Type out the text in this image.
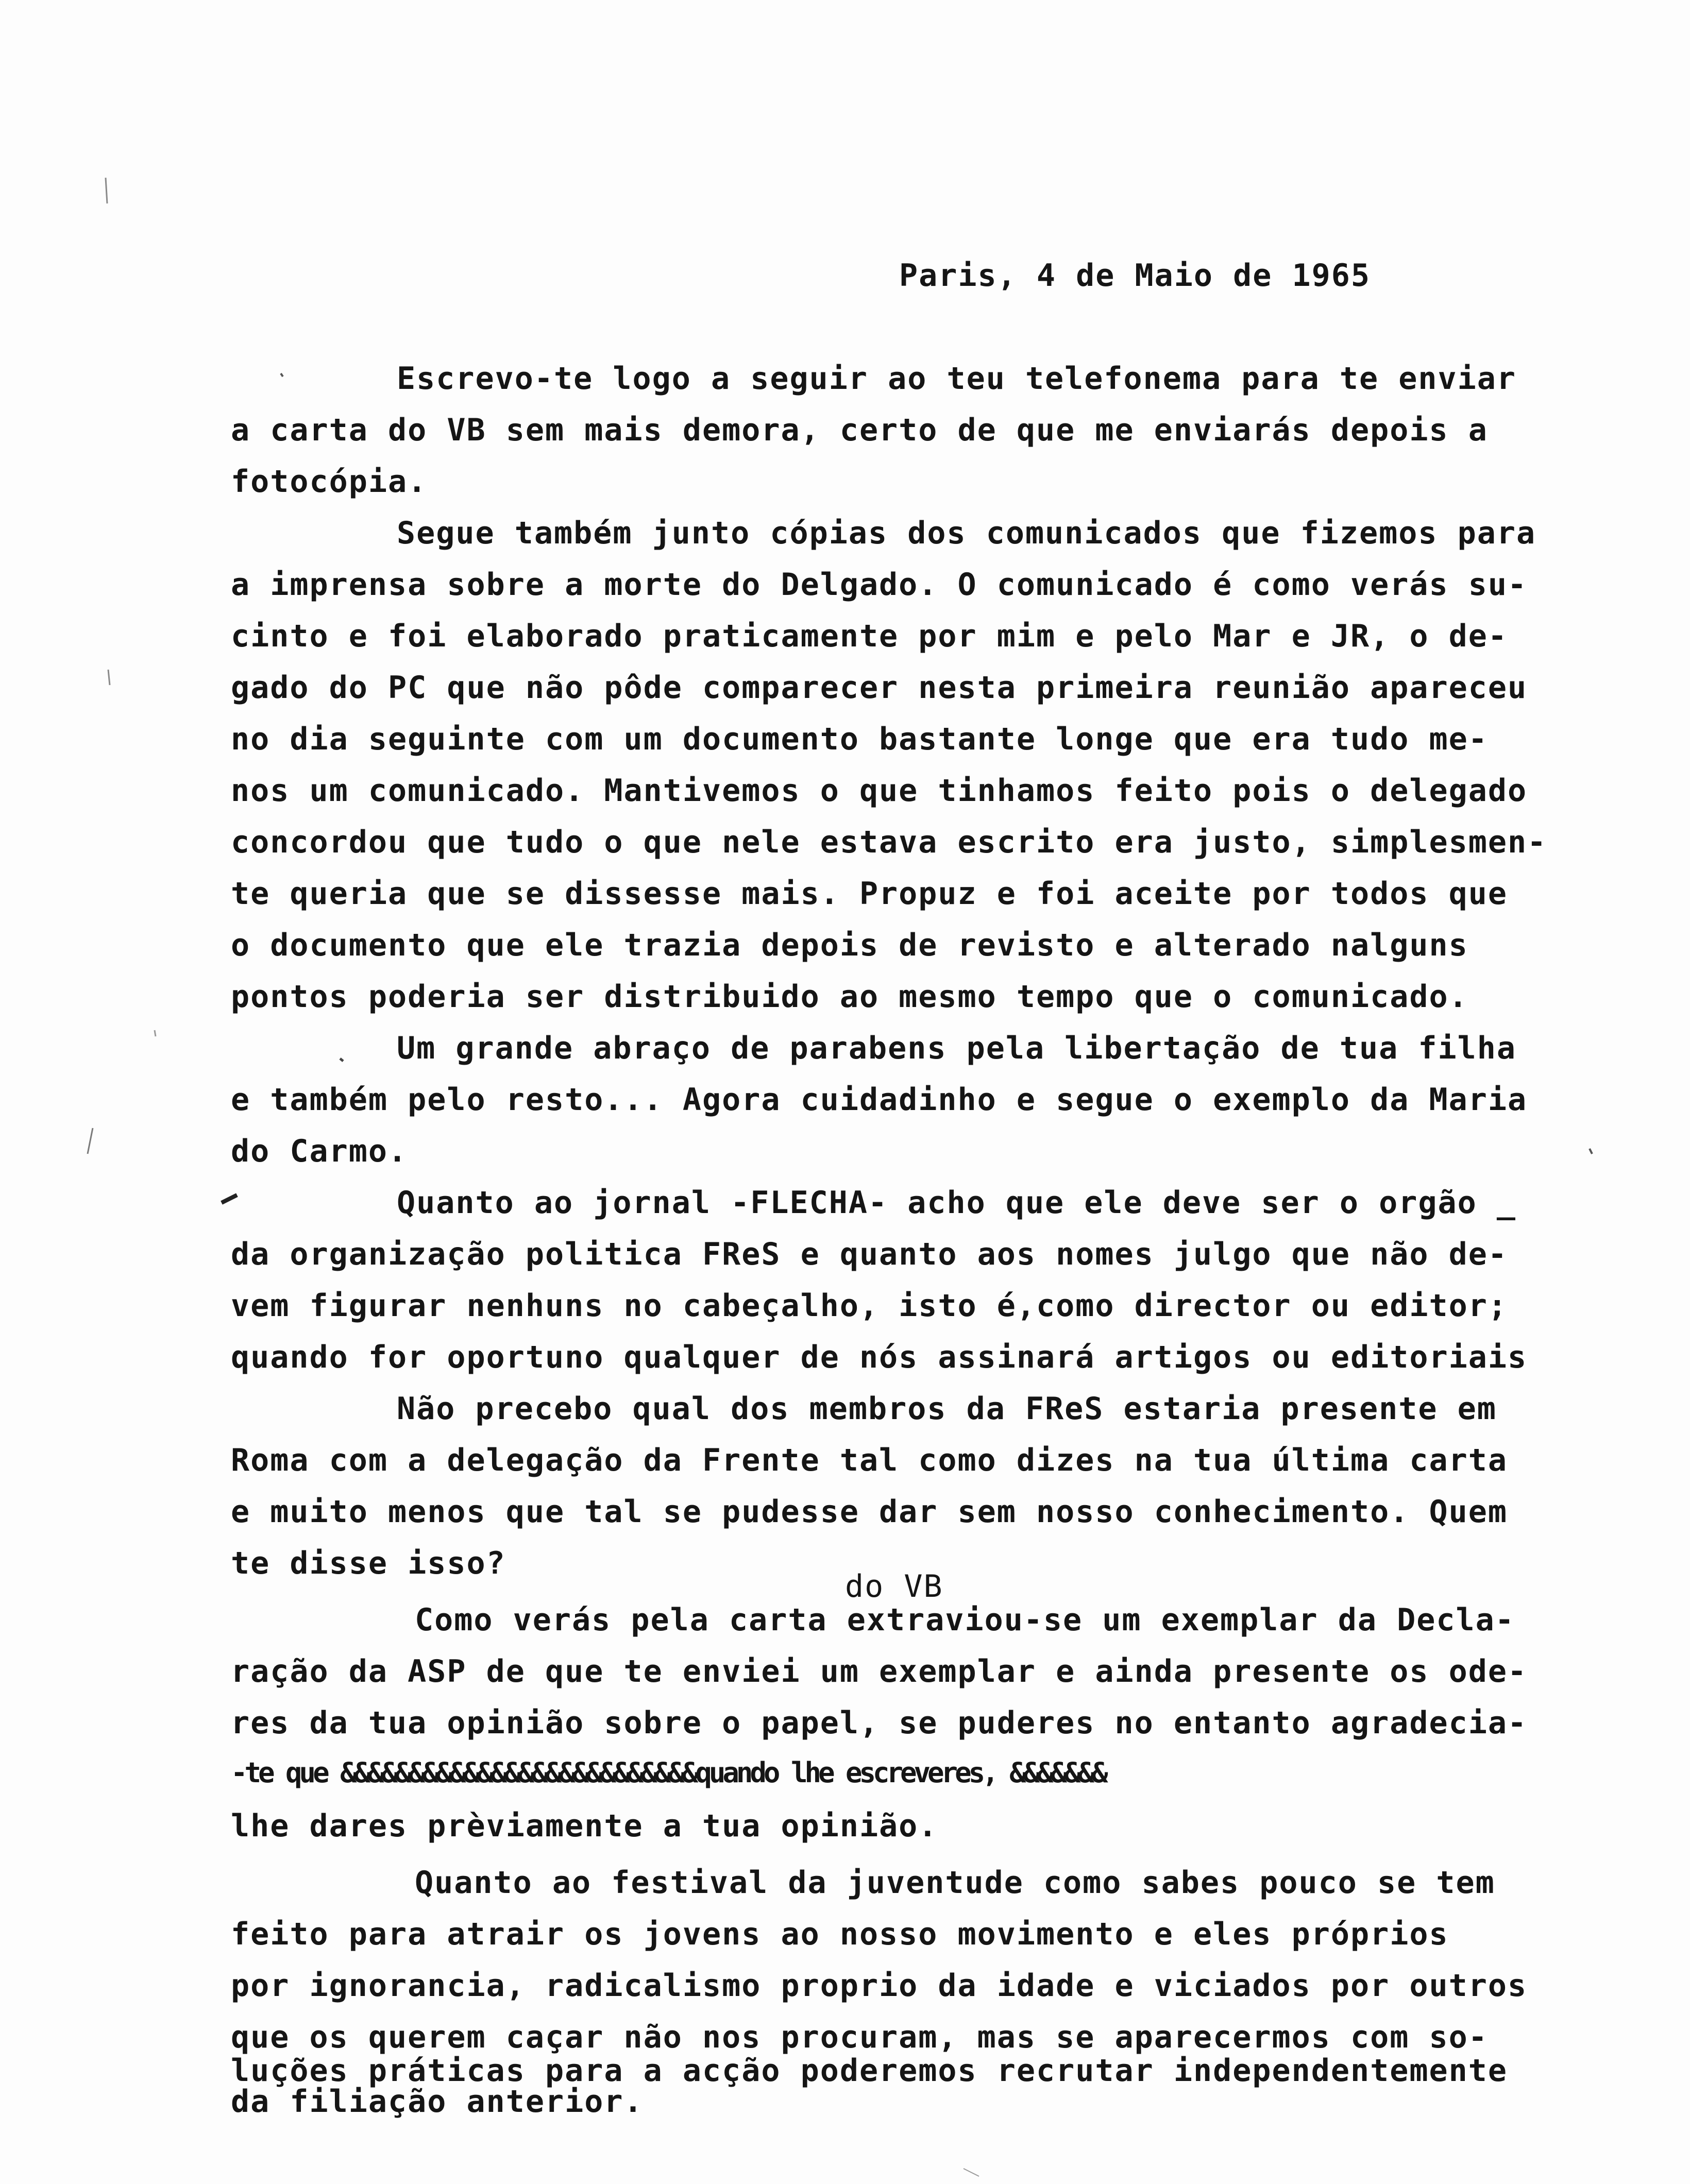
Paris, 4 de Maio de 1965
Escrevo-te logo a seguir ao teu telefonema para te enviar
a carta do VB sem mais demora, certo de que me enviarás depois a
fotocópia.
Segue também junto cópias dos comunicados que fizemos para
a imprensa sobre a morte do Delgado. O comunicado é como verás su-
cinto e foi elaborado praticamente por mim e pelo Mar e JR, o de-
gado do PC que não pôde comparecer nesta primeira reunião apareceu
no dia seguinte com um documento bastante longe que era tudo me-
nos um comunicado. Mantivemos o que tinhamos feito pois o delegado
concordou que tudo o que nele estava escrito era justo, simplesmen-
te queria que se dissesse mais. Propuz e foi aceite por todos que
o documento que ele trazia depois de revisto e alterado nalguns
pontos poderia ser distribuido ao mesmo tempo que o comunicado.
Um grande abraço de parabens pela libertação de tua filha
e também pelo resto... Agora cuidadinho e segue o exemplo da Maria
do Carmo.
Quanto ao jornal -FLECHA- acho que ele deve ser o orgão _
da organização politica FReS e quanto aos nomes julgo que não de-
vem figurar nenhuns no cabeçalho, isto é,como director ou editor;
quando for oportuno qualquer de nós assinará artigos ou editoriais
Não precebo qual dos membros da FReS estaria presente em
Roma com a delegação da Frente tal como dizes na tua última carta
e muito menos que tal se pudesse dar sem nosso conhecimento. Quem
te disse isso?
do VB
Como verás pela carta extraviou-se um exemplar da Decla-
ração da ASP de que te enviei um exemplar e ainda presente os ode-
res da tua opinião sobre o papel, se puderes no entanto agradecia-
-te que &&&&&&&&&&&&&&&&&&&&&&&&&&quando lhe escreveres, &&&&&&&
lhe dares prèviamente a tua opinião.
Quanto ao festival da juventude como sabes pouco se tem
feito para atrair os jovens ao nosso movimento e eles próprios
por ignorancia, radicalismo proprio da idade e viciados por outros
que os querem caçar não nos procuram, mas se aparecermos com so-
luções práticas para a acção poderemos recrutar independentemente
da filiação anterior.
